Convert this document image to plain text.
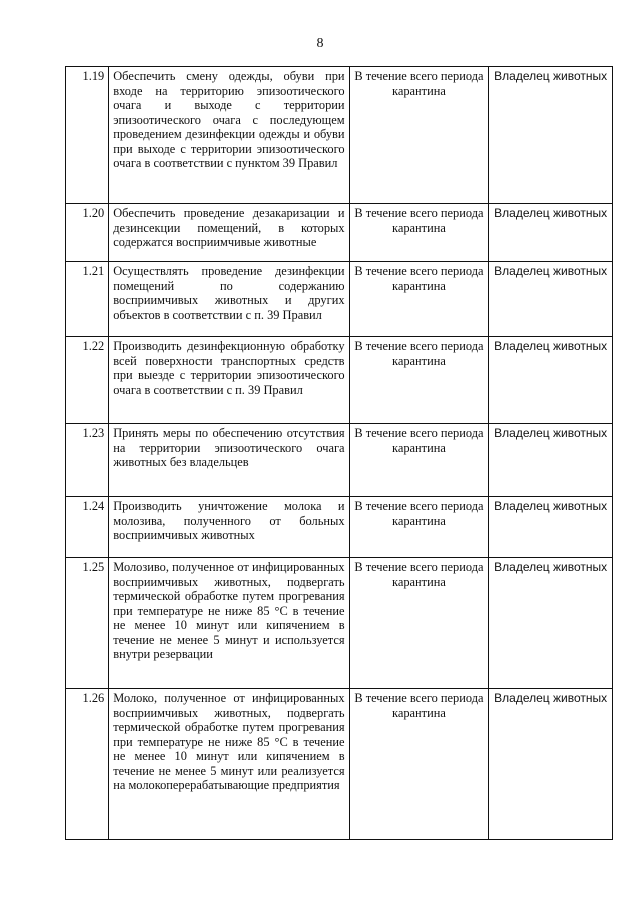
8
1.19	Обеспечить смену одежды, обуви при входе на территорию эпизоотического очага и выходе с территории эпизоотического очага с последующем проведением дезинфекции одежды и обуви при выходе с территории эпизоотического очага в соответствии с пунктом 39 Правил	В течение всего периода карантина	Владелец животных
1.20	Обеспечить проведение дезакаризации и дезинсекции помещений, в которых содержатся восприимчивые животные	В течение всего периода карантина	Владелец животных
1.21	Осуществлять проведение дезинфекции помещений по содержанию восприимчивых животных и других объектов в соответствии с п. 39 Правил	В течение всего периода карантина	Владелец животных
1.22	Производить дезинфекционную обработку всей поверхности транспортных средств при выезде с территории эпизоотического очага в соответствии с п. 39 Правил	В течение всего периода карантина	Владелец животных
1.23	Принять меры по обеспечению отсутствия на территории эпизоотического очага животных без владельцев	В течение всего периода карантина	Владелец животных
1.24	Производить уничтожение молока и молозива, полученного от больных восприимчивых животных	В течение всего периода карантина	Владелец животных
1.25	Молозиво, полученное от инфицированных восприимчивых животных, подвергать термической обработке путем прогревания при температуре не ниже 85 °С в течение не менее 10 минут или кипячением в течение не менее 5 минут и используется внутри резервации	В течение всего периода карантина	Владелец животных
1.26	Молоко, полученное от инфицированных восприимчивых животных, подвергать термической обработке путем прогревания при температуре не ниже 85 °С в течение не менее 10 минут или кипячением в течение не менее 5 минут или реализуется на молокоперерабатывающие предприятия	В течение всего периода карантина	Владелец животных
